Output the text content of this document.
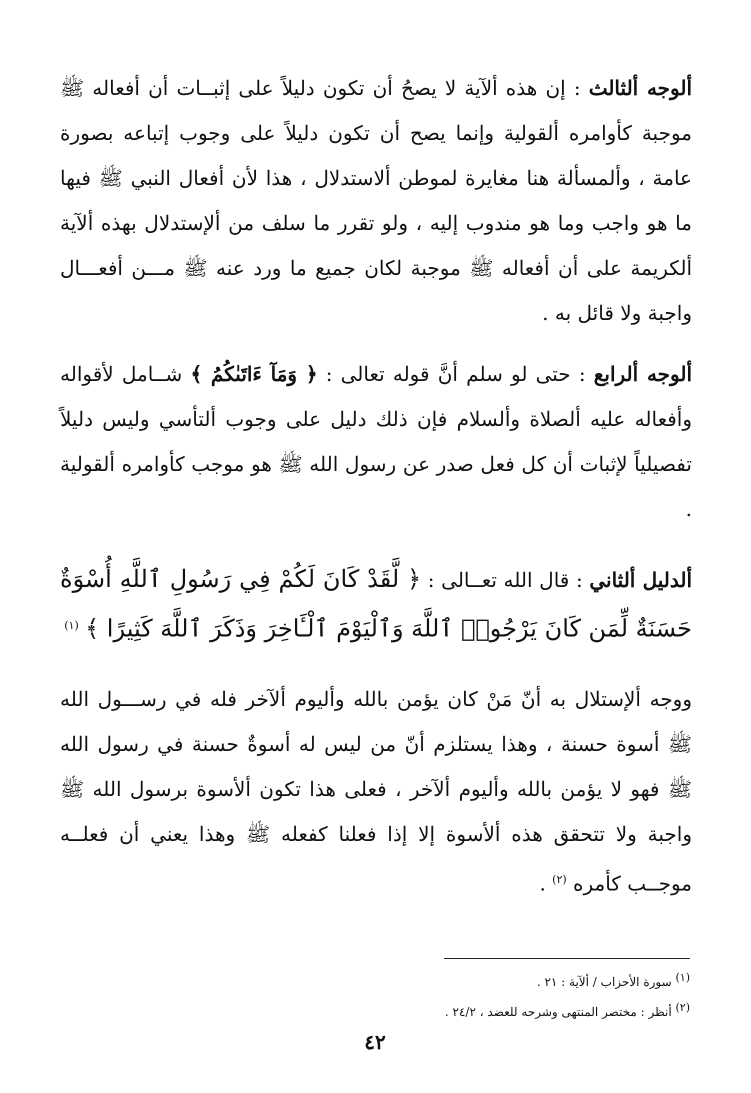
ألوجه ألثالث : إن هذه ألآية لا يصحُ أن تكون دليلاً على إثبــات أن أفعاله ﷺ موجبة كأوامره ألقولية وإنما يصح أن تكون دليلاً على وجوب إتباعه بصورة عامة ، وألمسألة هنا مغايرة لموطن ألاستدلال ، هذا لأن أفعال النبي ﷺ فيها ما هو واجب وما هو مندوب إليه ، ولو تقرر ما سلف من ألإستدلال بهذه ألآية ألكريمة على أن أفعاله ﷺ موجبة لكان جميع ما ورد عنه ﷺ مـــن أفعـــال واجبة ولا قائل به .

ألوجه ألرابع : حتى لو سلم أنَّ قوله تعالى : ﴿ وَمَآ ءَاتَىٰكُمُ ﴾ شــامل لأقواله وأفعاله عليه ألصلاة وألسلام فإن ذلك دليل على وجوب ألتأسي وليس دليلاً تفصيلياً لإثبات أن كل فعل صدر عن رسول الله ﷺ هو موجب كأوامره ألقولية .

ألدليل ألثاني : قال الله تعــالى : ﴿ لَّقَدْ كَانَ لَكُمْ فِي رَسُولِ ٱللَّهِ أُسْوَةٌ حَسَنَةٌ لِّمَن كَانَ يَرْجُوا۟ ٱللَّهَ وَٱلْيَوْمَ ٱلْـَٔاخِرَ وَذَكَرَ ٱللَّهَ كَثِيرًا ﴾ $^{(١)}$

ووجه ألإستلال به أنّ مَنْ كان يؤمن بالله وأليوم ألآخر فله في رســـول الله ﷺ أسوة حسنة ، وهذا يستلزم أنّ من ليس له أسوةٌ حسنة في رسول الله ﷺ فهو لا يؤمن بالله وأليوم ألآخر ، فعلى هذا تكون ألأسوة برسول الله ﷺ واجبة ولا تتحقق هذه ألأسوة إلا إذا فعلنا كفعله ﷺ وهذا يعني أن فعلــه موجــب كأمره $^{(٢)}$ .

(١) سورة الأحزاب / ألآية : ٢١ .
(٢) أنظر : مختصر المنتهى وشرحه للعضد ، ٢٤/٢ .
٤٢
